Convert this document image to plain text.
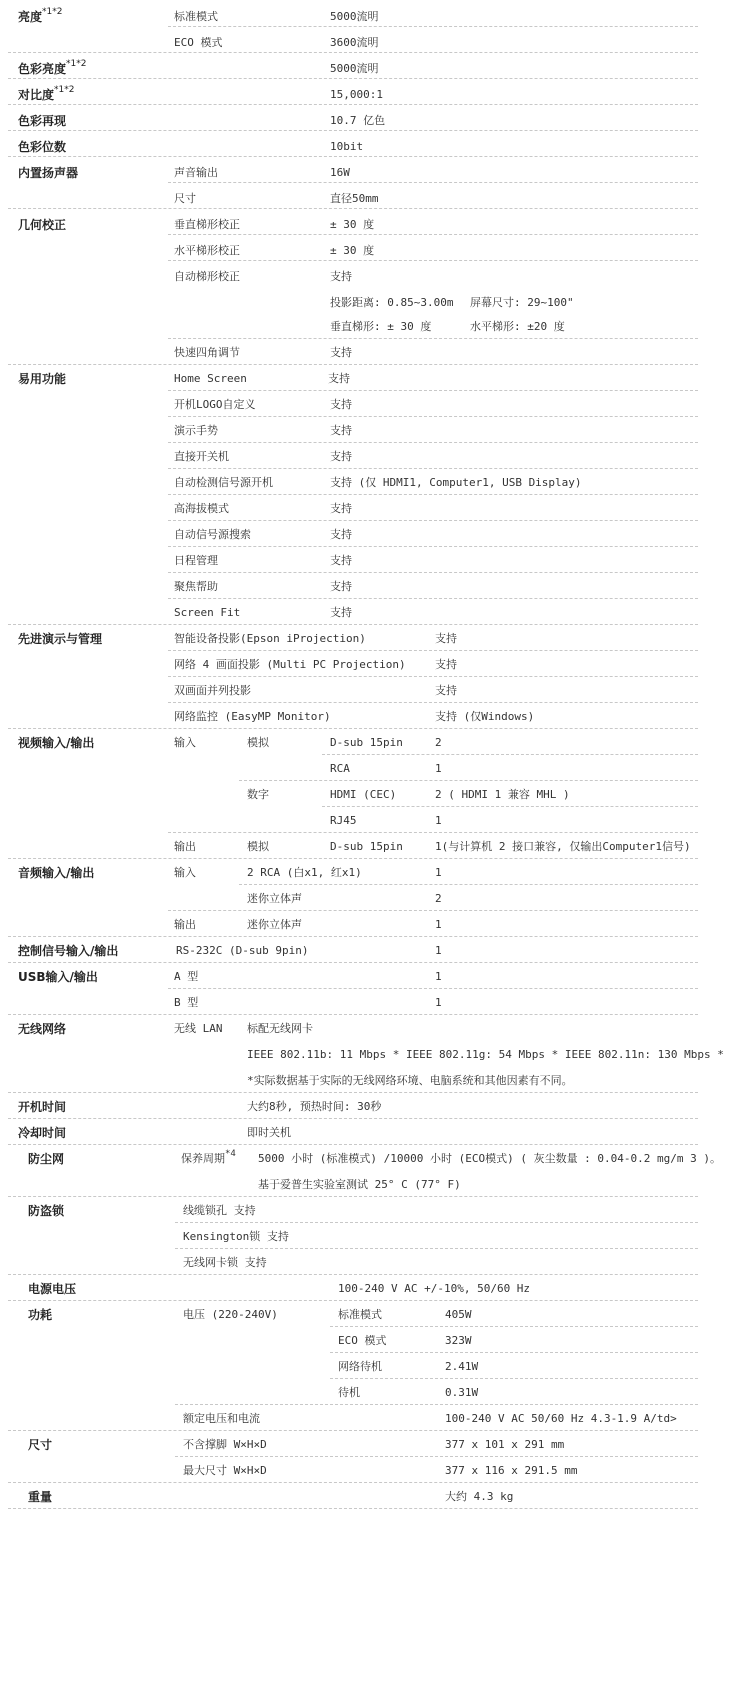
亮度$^{*1*2}$	标准模式	5000流明
ECO 模式	3600流明
色彩亮度$^{*1*2}$	5000流明
对比度$^{*1*2}$	15,000:1
色彩再现	10.7 亿色
色彩位数	10bit
内置扬声器	声音输出	16W
尺寸	直径50mm
几何校正	垂直梯形校正	± 30 度
水平梯形校正	± 30 度
自动梯形校正	支持
投影距离: 0.85~3.00m 屏幕尺寸: 29~100"
垂直梯形: ± 30 度	水平梯形: ±20 度
快速四角调节	支持
易用功能	Home Screen	支持
开机LOGO自定义	支持
演示手势	支持
直接开关机	支持
自动检测信号源开机	支持 (仅 HDMI1, Computer1, USB Display)
高海拔模式	支持
自动信号源搜索	支持
日程管理	支持
聚焦帮助	支持
Screen Fit	支持
先进演示与管理	智能设备投影(Epson iProjection)	支持
网络 4 画面投影 (Multi PC Projection)	支持
双画面并列投影	支持
网络监控 (EasyMP Monitor)	支持 (仅Windows)
视频输入/输出	输入	模拟	D-sub 15pin	2
RCA	1
数字	HDMI (CEC)	2 ( HDMI 1 兼容 MHL )
RJ45	1
输出	模拟	D-sub 15pin	1(与计算机 2 接口兼容, 仅输出Computer1信号)
音频输入/输出	输入	2 RCA (白x1, 红x1)	1
迷你立体声	2
输出	迷你立体声	1
控制信号输入/输出	RS-232C (D-sub 9pin)	1
USB输入/输出	A 型	1
B 型	1
无线网络	无线 LAN 标配无线网卡
IEEE 802.11b: 11 Mbps * IEEE 802.11g: 54 Mbps * IEEE 802.11n: 130 Mbps *
*实际数据基于实际的无线网络环境、电脑系统和其他因素有不同。
开机时间	大约8秒, 预热时间: 30秒
冷却时间	即时关机
防尘网	保养周期$^{*4}$ 5000 小时 (标准模式) /10000 小时 (ECO模式) ( 灰尘数量 : 0.04-0.2 mg/m 3 )。
基于爱普生实验室测试 25° C (77° F)
防盗锁	线缆锁孔 支持
Kensington锁 支持
无线网卡锁 支持
电源电压	100-240 V AC +/-10%, 50/60 Hz
功耗	电压 (220-240V)	标准模式	405W
ECO 模式	323W
网络待机	2.41W
待机	0.31W
额定电压和电流	100-240 V AC 50/60 Hz 4.3-1.9 A/td>
尺寸	不含撑脚 W×H×D	377 x 101 x 291 mm
最大尺寸 W×H×D	377 x 116 x 291.5 mm
重量	大约 4.3 kg
